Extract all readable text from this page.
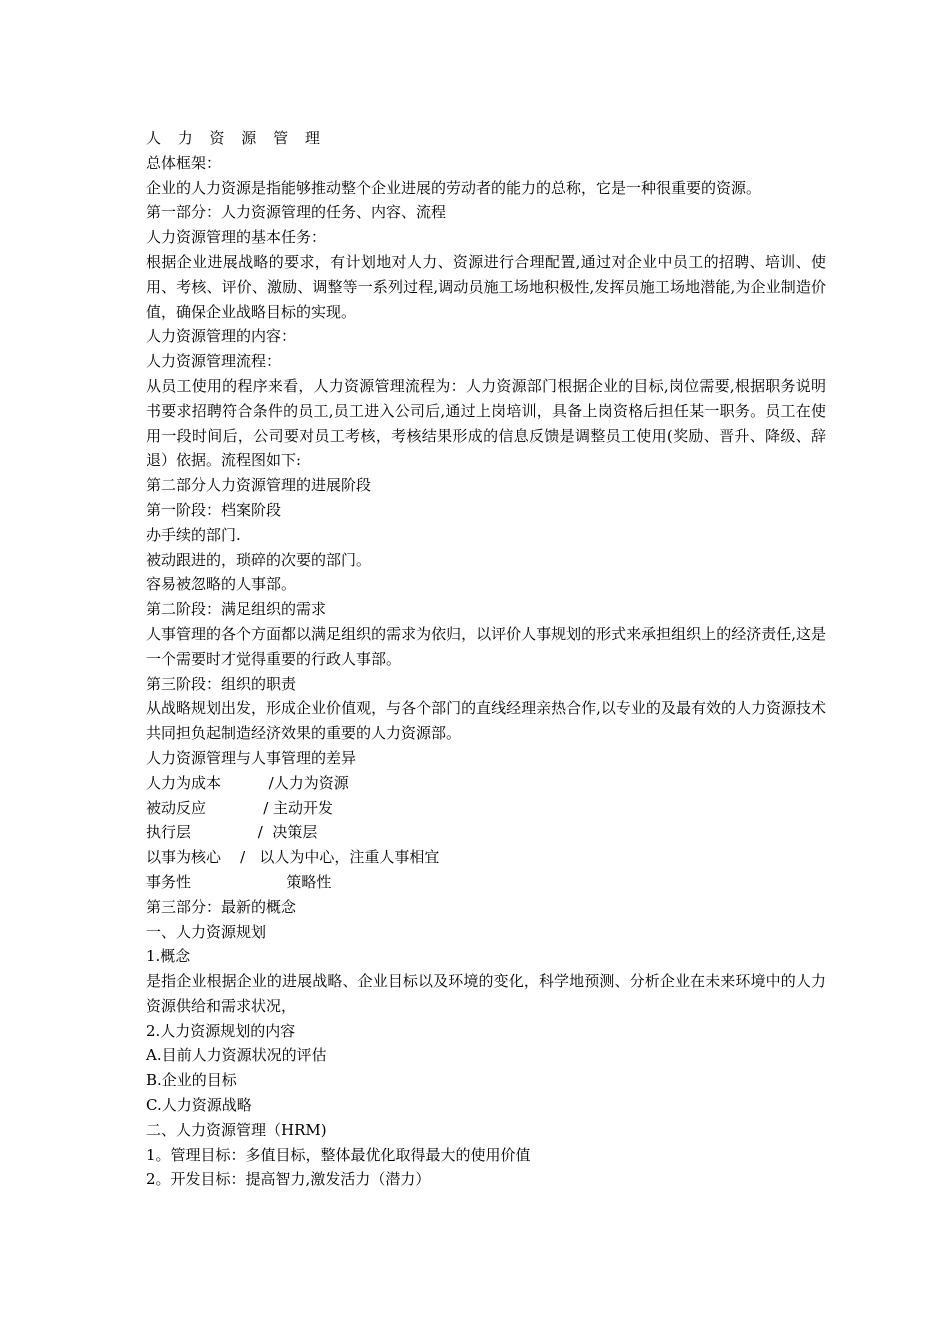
人 力 资 源 管 理
总体框架：
企业的人力资源是指能够推动整个企业进展的劳动者的能力的总称，它是一种很重要的资源。
第一部分：人力资源管理的任务、内容、流程
人力资源管理的基本任务：
根据企业进展战略的要求，有计划地对人力、资源进行合理配置,通过对企业中员工的招聘、培训、使用、考核、评价、激励、调整等一系列过程,调动员施工场地积极性,发挥员施工场地潜能,为企业制造价值，确保企业战略目标的实现。
人力资源管理的内容：
人力资源管理流程：
从员工使用的程序来看，人力资源管理流程为：人力资源部门根据企业的目标,岗位需要,根据职务说明书要求招聘符合条件的员工,员工进入公司后,通过上岗培训，具备上岗资格后担任某一职务。员工在使用一段时间后，公司要对员工考核，考核结果形成的信息反馈是调整员工使用(奖励、晋升、降级、辞退）依据。流程图如下:
第二部分人力资源管理的进展阶段
第一阶段：档案阶段
办手续的部门.
被动跟进的，琐碎的次要的部门。
容易被忽略的人事部。
第二阶段：满足组织的需求
人事管理的各个方面都以满足组织的需求为依归，以评价人事规划的形式来承担组织上的经济责任,这是一个需要时才觉得重要的行政人事部。
第三阶段：组织的职责
从战略规划出发，形成企业价值观，与各个部门的直线经理亲热合作,以专业的及最有效的人力资源技术共同担负起制造经济效果的重要的人力资源部。
人力资源管理与人事管理的差异
人力为成本          /人力为资源
被动反应            / 主动开发
执行层              /  决策层
以事为核心    /   以人为中心，注重人事相宜
事务性                    策略性
第三部分：最新的概念
一、人力资源规划
1.概念
是指企业根据企业的进展战略、企业目标以及环境的变化，科学地预测、分析企业在未来环境中的人力资源供给和需求状况，
2.人力资源规划的内容
A.目前人力资源状况的评估
B.企业的目标
C.人力资源战略
二、人力资源管理（HRM)
1。管理目标：多值目标，整体最优化取得最大的使用价值
2。开发目标：提高智力,激发活力（潜力）
